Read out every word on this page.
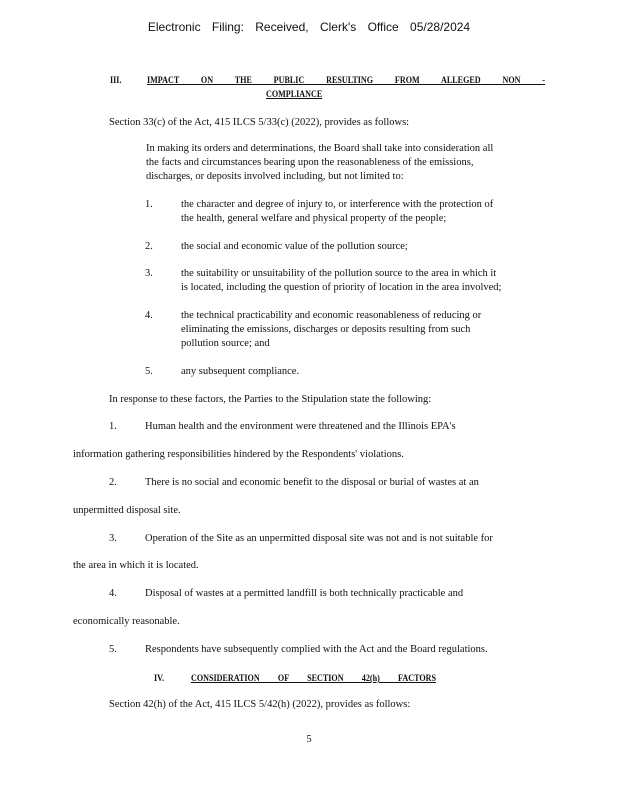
Electronic Filing: Received, Clerk's Office 05/28/2024
III.	IMPACT ON THE PUBLIC RESULTING FROM ALLEGED NON -
COMPLIANCE
Section 33(c) of the Act, 415 ILCS 5/33(c) (2022), provides as follows:
In making its orders and determinations, the Board shall take into consideration all
the facts and circumstances bearing upon the reasonableness of the emissions,
discharges, or deposits involved including, but not limited to:
1.	the character and degree of injury to, or interference with the protection of
the health, general welfare and physical property of the people;
2.	the social and economic value of the pollution source;
3.	the suitability or unsuitability of the pollution source to the area in which it
is located, including the question of priority of location in the area involved;
4.	the technical practicability and economic reasonableness of reducing or
eliminating the emissions, discharges or deposits resulting from such
pollution source; and
5.	any subsequent compliance.
In response to these factors, the Parties to the Stipulation state the following:
1.	Human health and the environment were threatened and the Illinois EPA's
information gathering responsibilities hindered by the Respondents' violations.
2.	There is no social and economic benefit to the disposal or burial of wastes at an
unpermitted disposal site.
3.	Operation of the Site as an unpermitted disposal site was not and is not suitable for
the area in which it is located.
4.	Disposal of wastes at a permitted landfill is both technically practicable and
economically reasonable.
5.	Respondents have subsequently complied with the Act and the Board regulations.
IV.	CONSIDERATION OF SECTION 42(h) FACTORS
Section 42(h) of the Act, 415 ILCS 5/42(h) (2022), provides as follows:
5
